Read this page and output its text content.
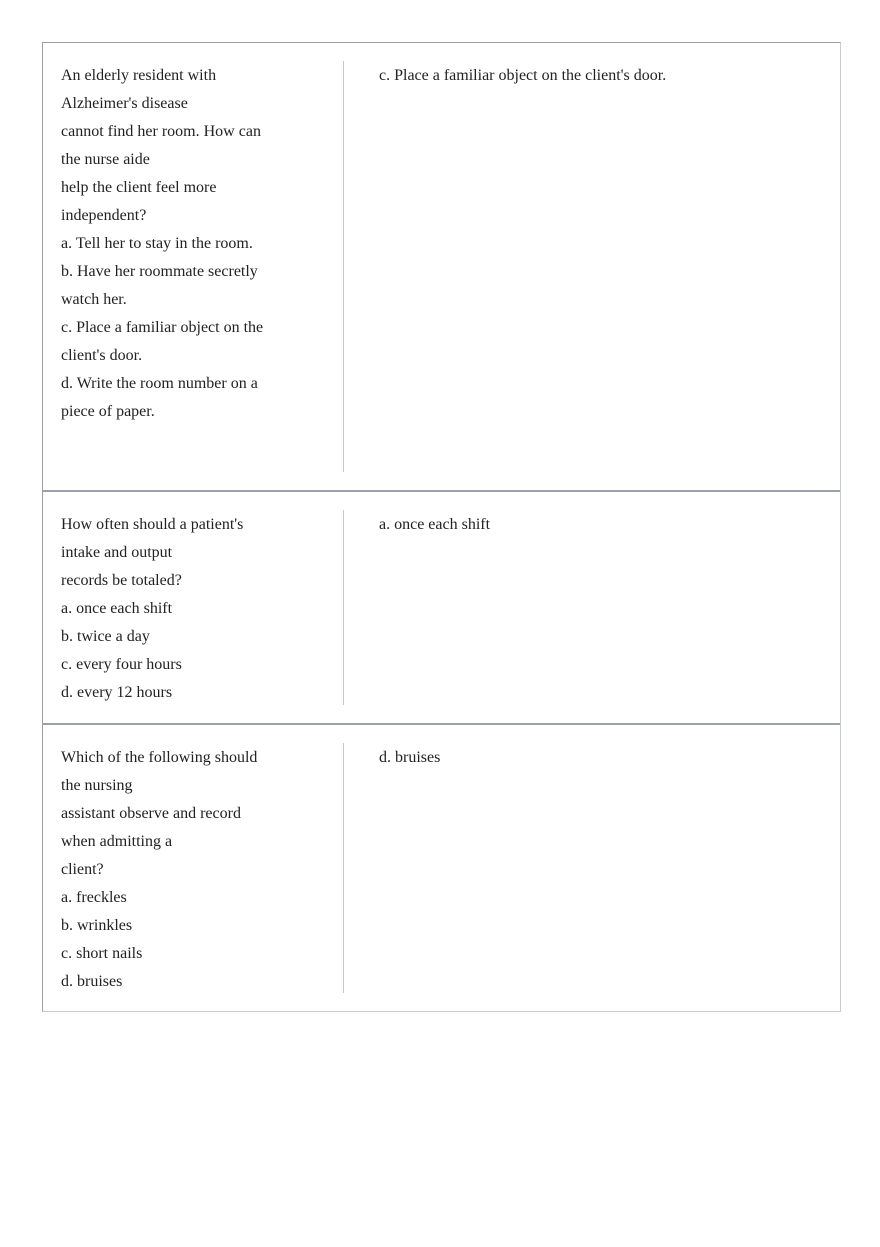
An elderly resident with
Alzheimer's disease
cannot find her room. How can
the nurse aide
help the client feel more
independent?
a. Tell her to stay in the room.
b. Have her roommate secretly
watch her.
c. Place a familiar object on the
client's door.
d. Write the room number on a
piece of paper.
c. Place a familiar object on the client's door.
How often should a patient's
intake and output
records be totaled?
a. once each shift
b. twice a day
c. every four hours
d. every 12 hours
a. once each shift
Which of the following should
the nursing
assistant observe and record
when admitting a
client?
a. freckles
b. wrinkles
c. short nails
d. bruises
d. bruises
